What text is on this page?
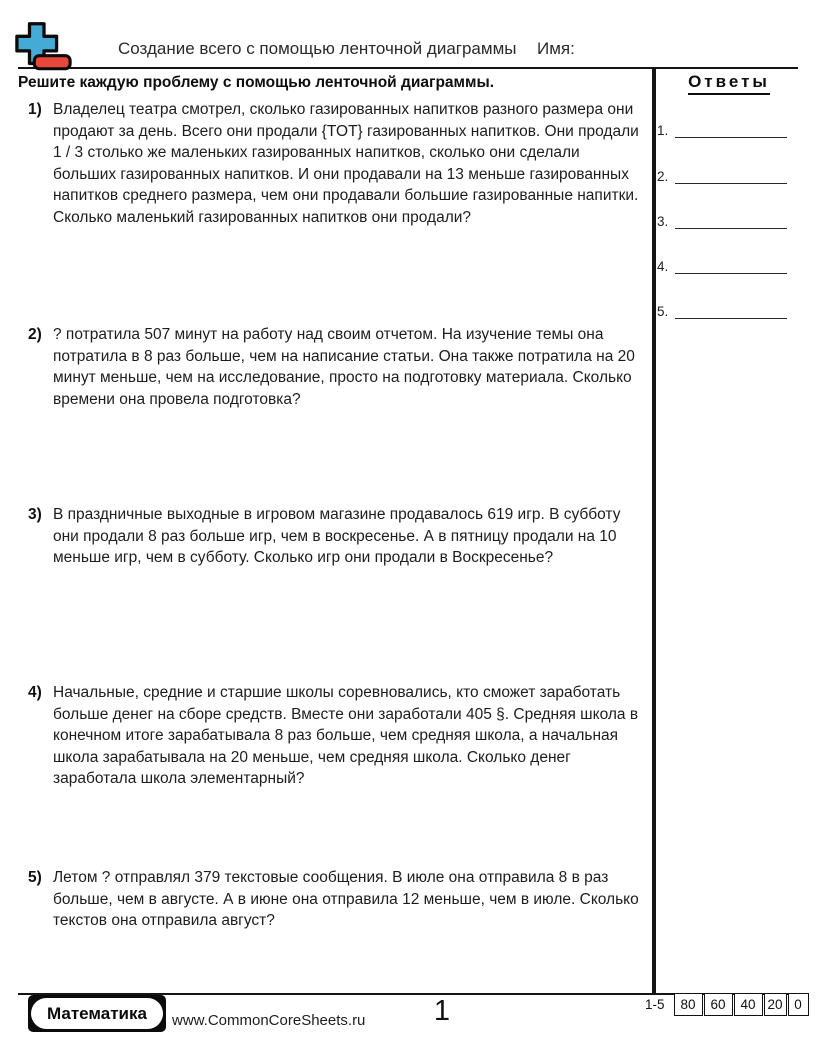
Создание всего с помощью ленточной диаграммы Имя:
Решите каждую проблему с помощью ленточной диаграммы.	Ответы
1.
2.
3.
4.
5.
1) Владелец театра смотрел, сколько газированных напитков разного размера они продают за день. Всего они продали {TOT} газированных напитков. Они продали 1 / 3 столько же маленьких газированных напитков, сколько они сделали больших газированных напитков. И они продавали на 13 меньше газированных напитков среднего размера, чем они продавали большие газированные напитки. Сколько маленький газированных напитков они продали?
2) ? потратила 507 минут на работу над своим отчетом. На изучение темы она потратила в 8 раз больше, чем на написание статьи. Она также потратила на 20 минут меньше, чем на исследование, просто на подготовку материала. Сколько времени она провела подготовка?
3) В праздничные выходные в игровом магазине продавалось 619 игр. В субботу они продали 8 раз больше игр, чем в воскресенье. А в пятницу продали на 10 меньше игр, чем в субботу. Сколько игр они продали в Воскресенье?
4) Начальные, средние и старшие школы соревновались, кто сможет заработать больше денег на сборе средств. Вместе они заработали 405 §. Средняя школа в конечном итоге зарабатывала 8 раз больше, чем средняя школа, а начальная школа зарабатывала на 20 меньше, чем средняя школа. Сколько денег заработала школа элементарный?
5) Летом ? отправлял 379 текстовые сообщения. В июле она отправила 8 в раз больше, чем в августе. А в июне она отправила 12 меньше, чем в июле. Сколько текстов она отправила август?
Математика www.CommonCoreSheets.ru	1	1-5	80	60	40 20 0
